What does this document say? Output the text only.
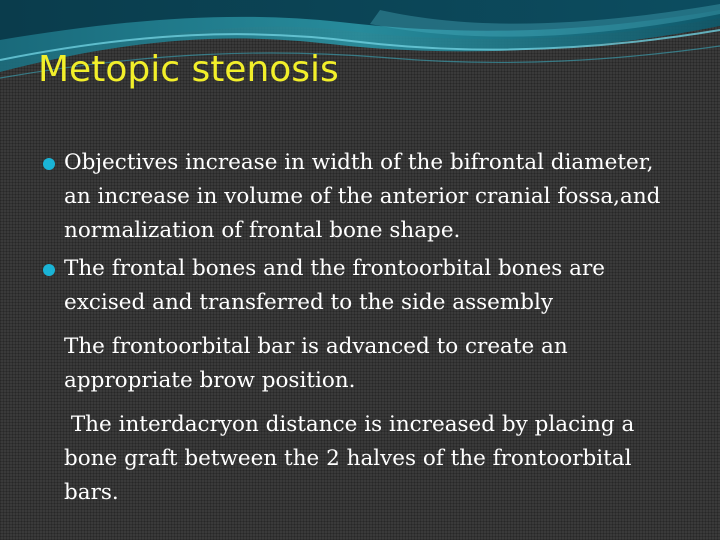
Metopic stenosis
Objectives increase in width of the bifrontal diameter, an increase in volume of the anterior cranial fossa,and normalization of frontal bone shape.
The frontal bones and the frontoorbital bones are excised and transferred to the side assembly
The frontoorbital bar is advanced to create an appropriate brow position.
The interdacryon distance is increased by placing a bone graft between the 2 halves of the frontoorbital bars.
